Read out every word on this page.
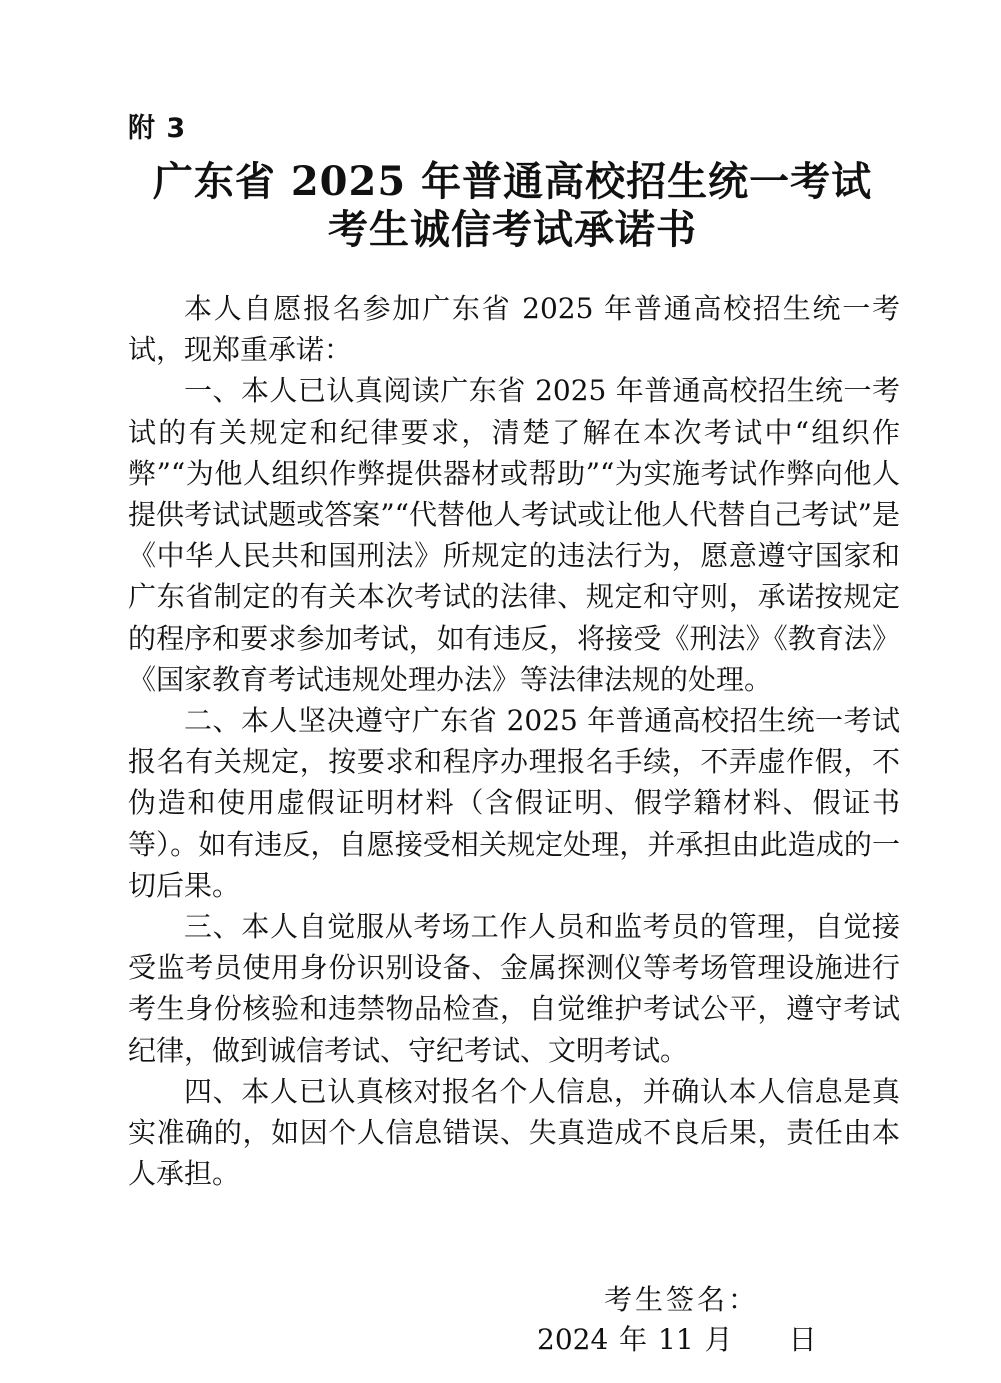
附 3
广东省 2025 年普通高校招生统一考试
考生诚信考试承诺书

本人自愿报名参加广东省 2025 年普通高校招生统一考试，现郑重承诺：

一、本人已认真阅读广东省 2025 年普通高校招生统一考试的有关规定和纪律要求，清楚了解在本次考试中“组织作弊”“为他人组织作弊提供器材或帮助”“为实施考试作弊向他人提供考试试题或答案”“代替他人考试或让他人代替自己考试”是《中华人民共和国刑法》所规定的违法行为，愿意遵守国家和广东省制定的有关本次考试的法律、规定和守则，承诺按规定的程序和要求参加考试，如有违反，将接受《刑法》《教育法》《国家教育考试违规处理办法》等法律法规的处理。

二、本人坚决遵守广东省 2025 年普通高校招生统一考试报名有关规定，按要求和程序办理报名手续，不弄虚作假，不伪造和使用虚假证明材料（含假证明、假学籍材料、假证书等）。如有违反，自愿接受相关规定处理，并承担由此造成的一切后果。

三、本人自觉服从考场工作人员和监考员的管理，自觉接受监考员使用身份识别设备、金属探测仪等考场管理设施进行考生身份核验和违禁物品检查，自觉维护考试公平，遵守考试纪律，做到诚信考试、守纪考试、文明考试。

四、本人已认真核对报名个人信息，并确认本人信息是真实准确的，如因个人信息错误、失真造成不良后果，责任由本人承担。

考生签名：
2024 年 11 月　　日
